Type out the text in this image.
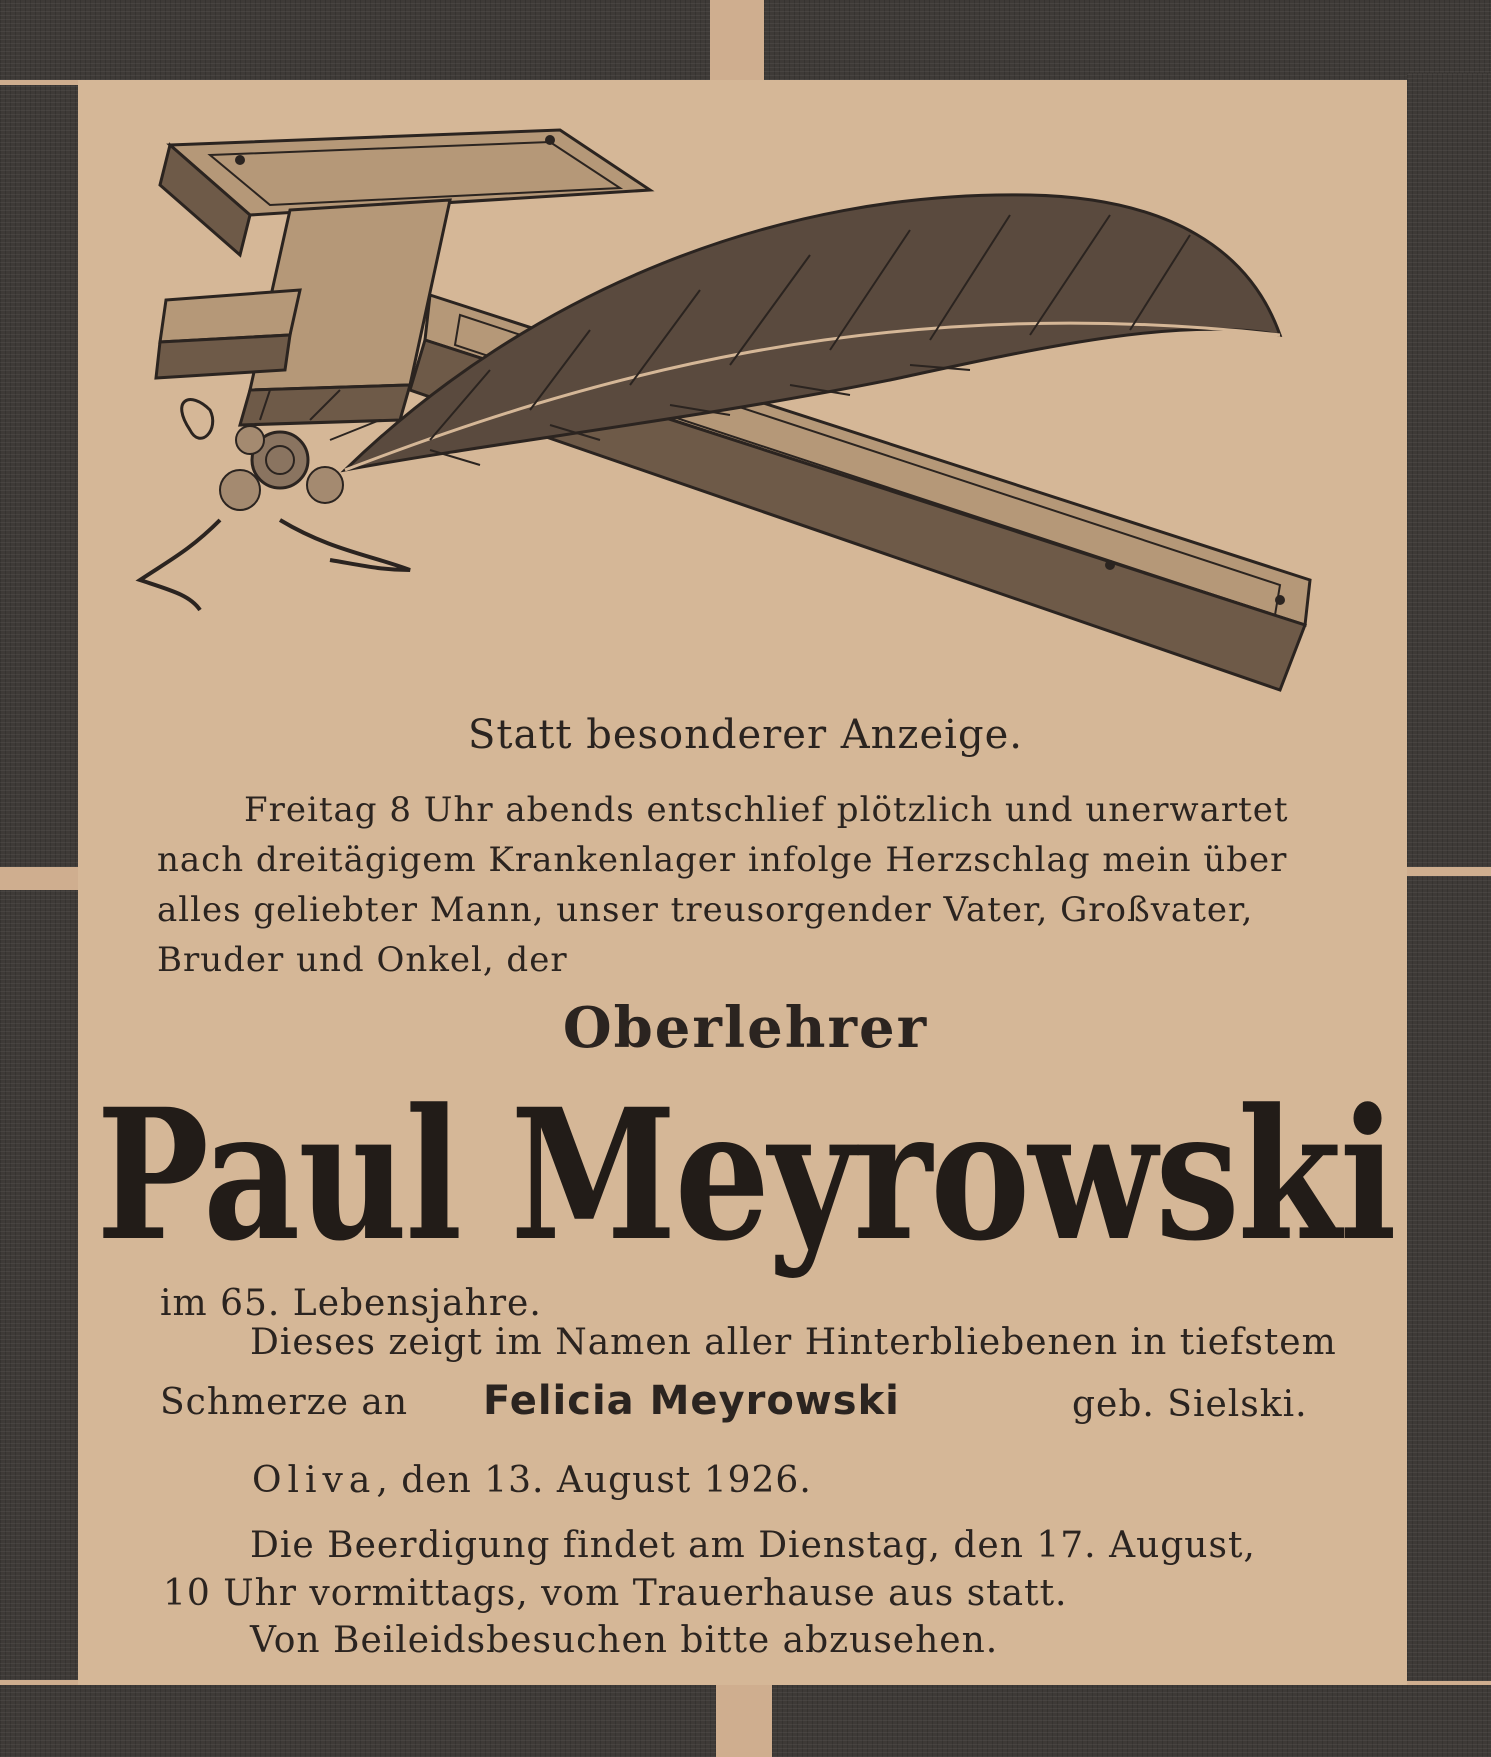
Statt besonderer Anzeige.
Freitag 8 Uhr abends entschlief plötzlich und unerwartet
nach dreitägigem Krankenlager infolge Herzschlag mein über
alles geliebter Mann, unser treusorgender Vater, Großvater,
Bruder und Onkel, der
Oberlehrer
Paul Meyrowski
im 65. Lebensjahre.
Dieses zeigt im Namen aller Hinterbliebenen in tiefstem
Schmerze an Felicia Meyrowski	geb. Sielski.
Oliva, den 13. August 1926.
Die Beerdigung findet am Dienstag, den 17. August,
10 Uhr vormittags, vom Trauerhause aus statt.
Von Beileidsbesuchen bitte abzusehen.
